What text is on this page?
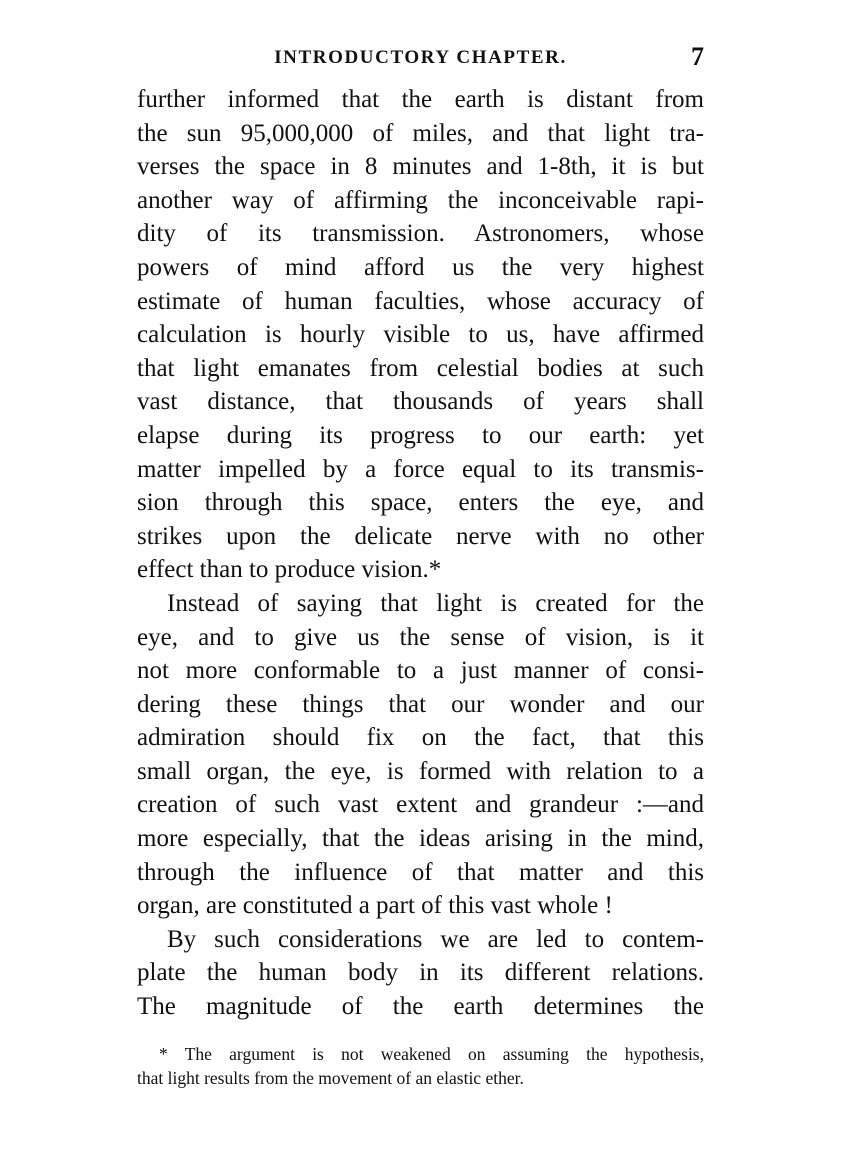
INTRODUCTORY CHAPTER.	7
further informed that the earth is distant from
the sun 95,000,000 of miles, and that light tra-
verses the space in 8 minutes and 1-8th, it is but
another way of affirming the inconceivable rapi-
dity of its transmission. Astronomers, whose
powers of mind afford us the very highest
estimate of human faculties, whose accuracy of
calculation is hourly visible to us, have affirmed
that light emanates from celestial bodies at such
vast distance, that thousands of years shall
elapse during its progress to our earth: yet
matter impelled by a force equal to its transmis-
sion through this space, enters the eye, and
strikes upon the delicate nerve with no other
effect than to produce vision.*
Instead of saying that light is created for the
eye, and to give us the sense of vision, is it
not more conformable to a just manner of consi-
dering these things that our wonder and our
admiration should fix on the fact, that this
small organ, the eye, is formed with relation to a
creation of such vast extent and grandeur :—and
more especially, that the ideas arising in the mind,
through the influence of that matter and this
organ, are constituted a part of this vast whole !
By such considerations we are led to contem-
plate the human body in its different relations.
The magnitude of the earth determines the
* The argument is not weakened on assuming the hypothesis,
that light results from the movement of an elastic ether.
